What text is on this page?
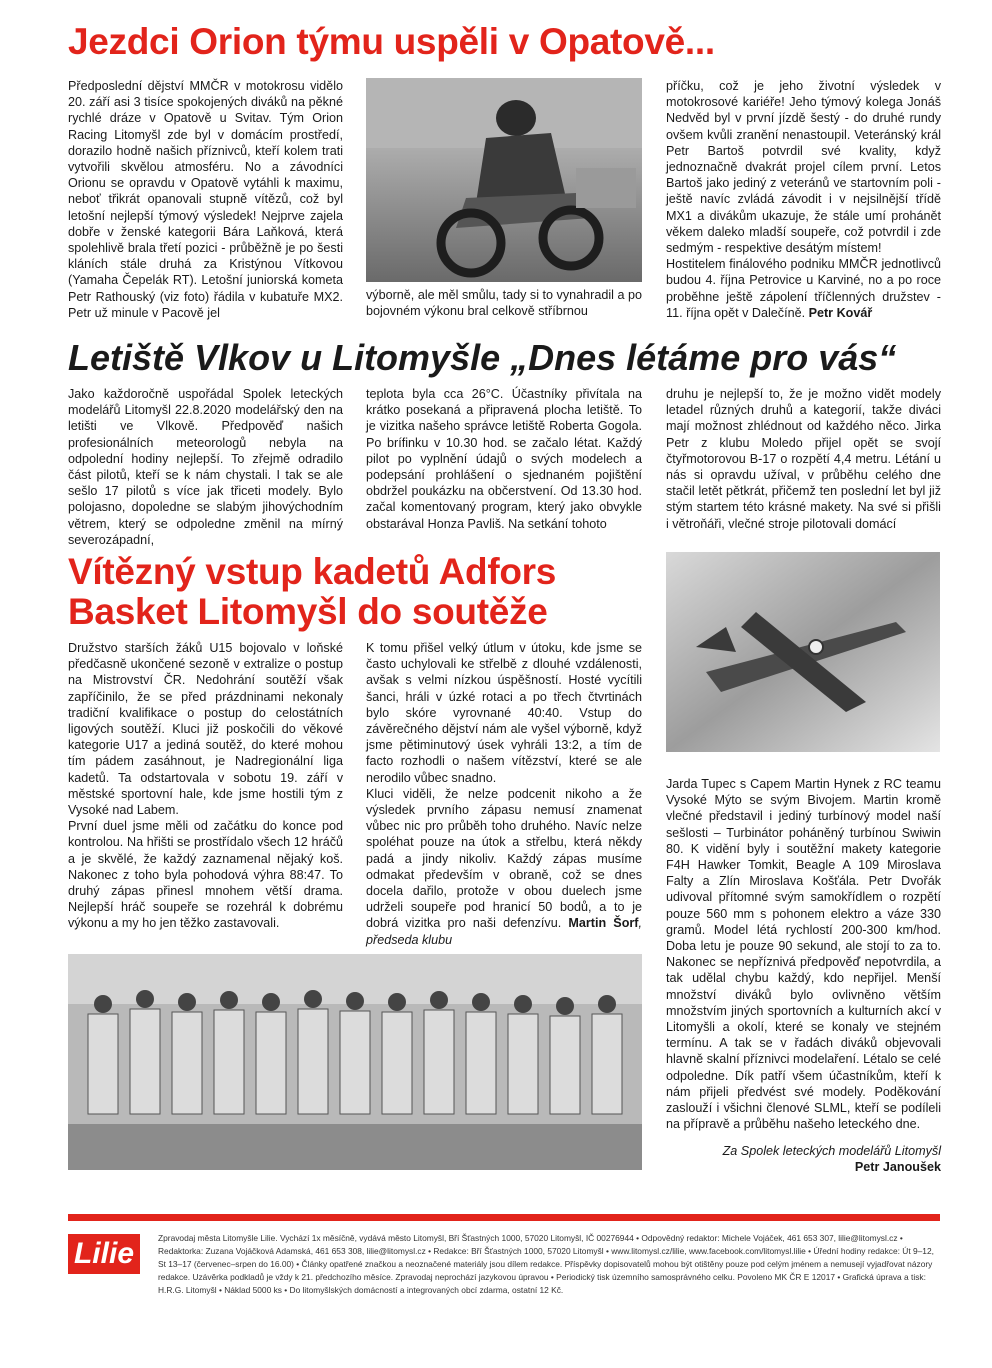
Jezdci Orion týmu uspěli v Opatově...

Předposlední dějství MMČR v motokrosu vidělo 20. září asi 3 tisíce spokojených diváků na pěkné rychlé dráze v Opatově u Svitav. Tým Orion Racing Litomyšl zde byl v domácím prostředí, dorazilo hodně našich příznivců, kteří kolem trati vytvořili skvělou atmosféru. No a závodníci Orionu se opravdu v Opatově vytáhli k maximu, neboť třikrát opanovali stupně vítězů, což byl letošní nejlepší týmový výsledek! Nejprve zajela dobře v ženské kategorii Bára Laňková, která spolehlivě brala třetí pozici - průběžně je po šesti kláních stále druhá za Kristýnou Vítkovou (Yamaha Čepelák RT). Letošní juniorská kometa Petr Rathouský (viz foto) řádila v kubatuře MX2. Petr už minule v Pacově jel

výborně, ale měl smůlu, tady si to vynahradil a po bojovném výkonu bral celkově stříbrnou

příčku, což je jeho životní výsledek v motokrosové kariéře! Jeho týmový kolega Jonáš Nedvěd byl v první jízdě šestý - do druhé rundy ovšem kvůli zranění nenastoupil. Veteránský král Petr Bartoš potvrdil své kvality, když jednoznačně dvakrát projel cílem první. Letos Bartoš jako jediný z veteránů ve startovním poli - ještě navíc zvládá závodit i v nejsilnější třídě MX1 a divákům ukazuje, že stále umí prohánět věkem daleko mladší soupeře, což potvrdil i zde sedmým - respektive desátým místem!

Hostitelem finálového podniku MMČR jednotlivců budou 4. října Petrovice u Karviné, no a po roce proběhne ještě zápolení tříčlenných družstev - 11. října opět v Dalečíně. Petr Kovář

Letiště Vlkov u Litomyšle „Dnes létáme pro vás“

Jako každoročně uspořádal Spolek leteckých modelářů Litomyšl 22.8.2020 modelářský den na letišti ve Vlkově. Předpověď našich profesionálních meteorologů nebyla na odpolední hodiny nejlepší. To zřejmě odradilo část pilotů, kteří se k nám chystali. I tak se ale sešlo 17 pilotů s více jak třiceti modely. Bylo polojasno, dopoledne se slabým jihovýchodním větrem, který se odpoledne změnil na mírný severozápadní,

teplota byla cca 26°C. Účastníky přivítala na krátko posekaná a připravená plocha letiště. To je vizitka našeho správce letiště Roberta Gogola. Po brífinku v 10.30 hod. se začalo létat. Každý pilot po vyplnění údajů o svých modelech a podepsání prohlášení o sjednaném pojištění obdržel poukázku na občerstvení. Od 13.30 hod. začal komentovaný program, který jako obvykle obstarával Honza Pavliš. Na setkání tohoto

druhu je nejlepší to, že je možno vidět modely letadel různých druhů a kategorií, takže diváci mají možnost zhlédnout od každého něco. Jirka Petr z klubu Moledo přijel opět se svojí čtyřmotorovou B-17 o rozpětí 4,4 metru. Létání u nás si opravdu užíval, v průběhu celého dne stačil letět pětkrát, přičemž ten poslední let byl již stým startem této krásné makety. Na své si přišli i větroňáři, vlečné stroje pilotovali domácí

Jarda Tupec s Capem Martin Hynek z RC teamu Vysoké Mýto se svým Bivojem. Martin kromě vlečné představil i jediný turbínový model naší sešlosti – Turbinátor poháněný turbínou Swiwin 80. K vidění byly i soutěžní makety kategorie F4H Hawker Tomkit, Beagle A 109 Miroslava Falty a Zlín Miroslava Košťála. Petr Dvořák udivoval přítomné svým samokřídlem o rozpětí pouze 560 mm s pohonem elektro a váze 330 gramů. Model létá rychlostí 200-300 km/hod. Doba letu je pouze 90 sekund, ale stojí to za to. Nakonec se nepříznivá předpověď nepotvrdila, a tak udělal chybu každý, kdo nepřijel. Menší množství diváků bylo ovlivněno větším množstvím jiných sportovních a kulturních akcí v Litomyšli a okolí, které se konaly ve stejném termínu. A tak se v řadách diváků objevovali hlavně skalní příznivci modelaření. Létalo se celé odpoledne. Dík patří všem účastníkům, kteří k nám přijeli předvést své modely. Poděkování zaslouží i všichni členové SLML, kteří se podíleli na přípravě a průběhu našeho leteckého dne.

Za Spolek leteckých modelářů Litomyšl
Petr Janoušek
Vítězný vstup kadetů Adfors
Basket Litomyšl do soutěže

Družstvo starších žáků U15 bojovalo v loňské předčasně ukončené sezoně v extralize o postup na Mistrovství ČR. Nedohrání soutěží však zapříčinilo, že se před prázdninami nekonaly tradiční kvalifikace o postup do celostátních ligových soutěží. Kluci již poskočili do věkové kategorie U17 a jediná soutěž, do které mohou tím pádem zasáhnout, je Nadregionální liga kadetů. Ta odstartovala v sobotu 19. září v městské sportovní hale, kde jsme hostili tým z Vysoké nad Labem.

První duel jsme měli od začátku do konce pod kontrolou. Na hřišti se prostřídalo všech 12 hráčů a je skvělé, že každý zaznamenal nějaký koš. Nakonec z toho byla pohodová výhra 88:47. To druhý zápas přinesl mnohem větší drama. Nejlepší hráč soupeře se rozehrál k dobrému výkonu a my ho jen těžko zastavovali.

K tomu přišel velký útlum v útoku, kde jsme se často uchylovali ke střelbě z dlouhé vzdálenosti, avšak s velmi nízkou úspěšností. Hosté vycítili šanci, hráli v úzké rotaci a po třech čtvrtinách bylo skóre vyrovnané 40:40. Vstup do závěrečného dějství nám ale vyšel výborně, když jsme pětiminutový úsek vyhráli 13:2, a tím de facto rozhodli o našem vítězství, které se ale nerodilo vůbec snadno.

Kluci viděli, že nelze podcenit nikoho a že výsledek prvního zápasu nemusí znamenat vůbec nic pro průběh toho druhého. Navíc nelze spoléhat pouze na útok a střelbu, která někdy padá a jindy nikoliv. Každý zápas musíme odmakat především v obraně, což se dnes docela dařilo, protože v obou duelech jsme udrželi soupeře pod hranicí 50 bodů, a to je dobrá vizitka pro naši defenzívu. Martin Šorf, předseda klubu

Lilie	Zpravodaj města Litomyšle Lilie. Vychází 1x měsíčně, vydává město Litomyšl, Bří Šťastných 1000, 57020 Litomyšl, IČ 00276944 • Odpovědný redaktor: Michele Vojáček, 461 653 307, lilie@litomysl.cz • Redaktorka: Zuzana Vojáčková Adamská, 461 653 308, lilie@litomysl.cz • Redakce: Bří Šťastných 1000, 57020 Litomyšl • www.litomysl.cz/lilie, www.facebook.com/litomysl.lilie • Úřední hodiny redakce: Út 9–12, St 13–17 (červenec–srpen do 16.00) • Články opatřené značkou a neoznačené materiály jsou dílem redakce. Příspěvky dopisovatelů mohou být otištěny pouze pod celým jménem a nemusejí vyjadřovat názory redakce. Uzávěrka podkladů je vždy k 21. předchozího měsíce. Zpravodaj neprochází jazykovou úpravou • Periodický tisk územního samosprávného celku. Povoleno MK ČR E 12017 • Grafická úprava a tisk: H.R.G. Litomyšl • Náklad 5000 ks • Do litomyšlských domácností a integrovaných obcí zdarma, ostatní 12 Kč.
